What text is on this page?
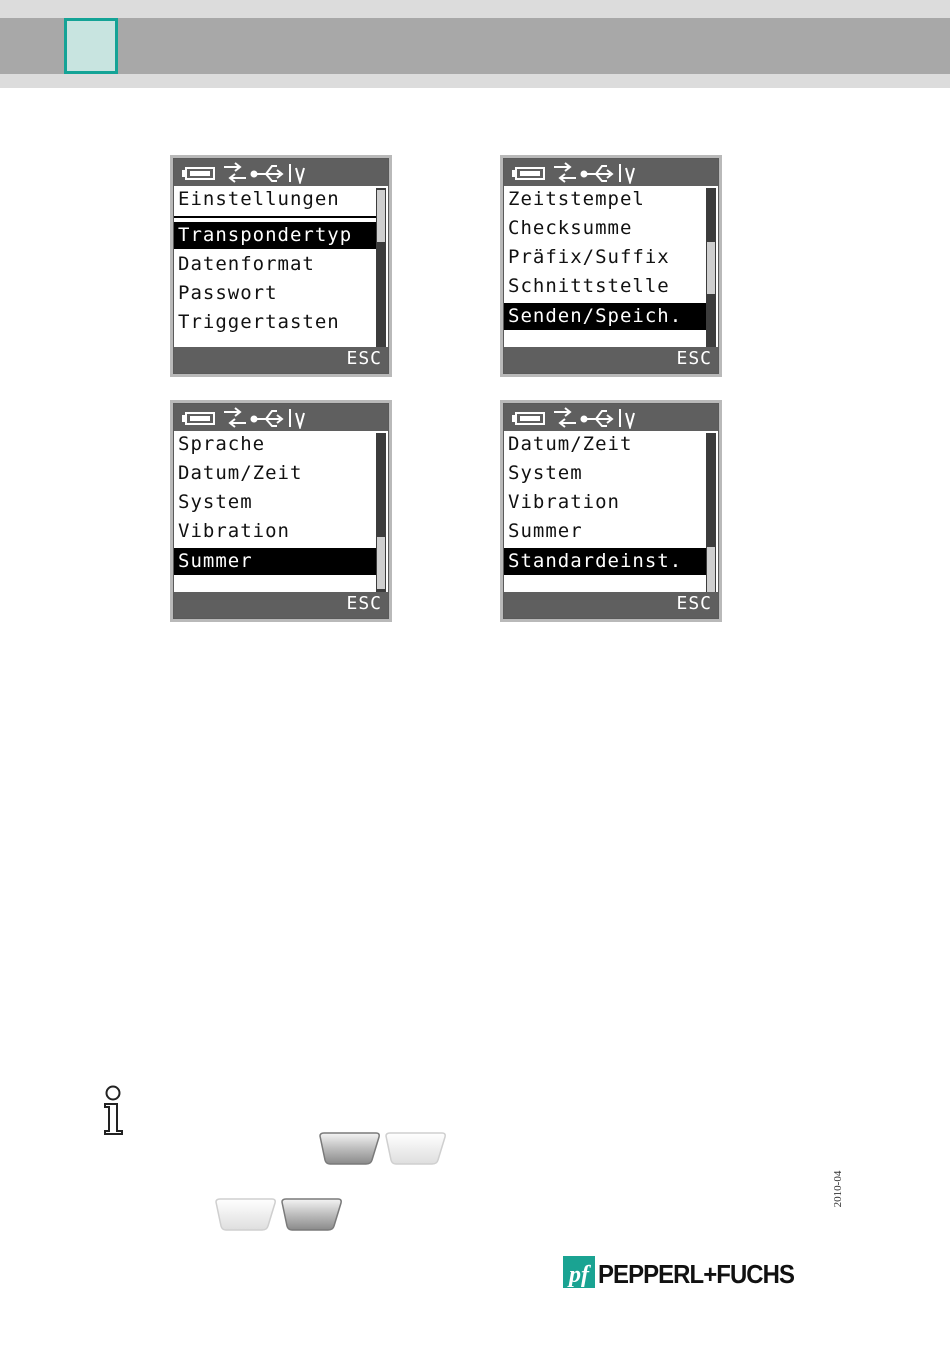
Einstellungen
Transpondertyp
Datenformat
Passwort
Triggertasten
ESC
Zeitstempel
Checksumme
Präfix/Suffix
Schnittstelle
Senden/Speich.
ESC
Sprache
Datum/Zeit
System
Vibration
Summer
ESC
Datum/Zeit
System
Vibration
Summer
Standardeinst.
ESC
2010-04
pf PEPPERL+FUCHS
